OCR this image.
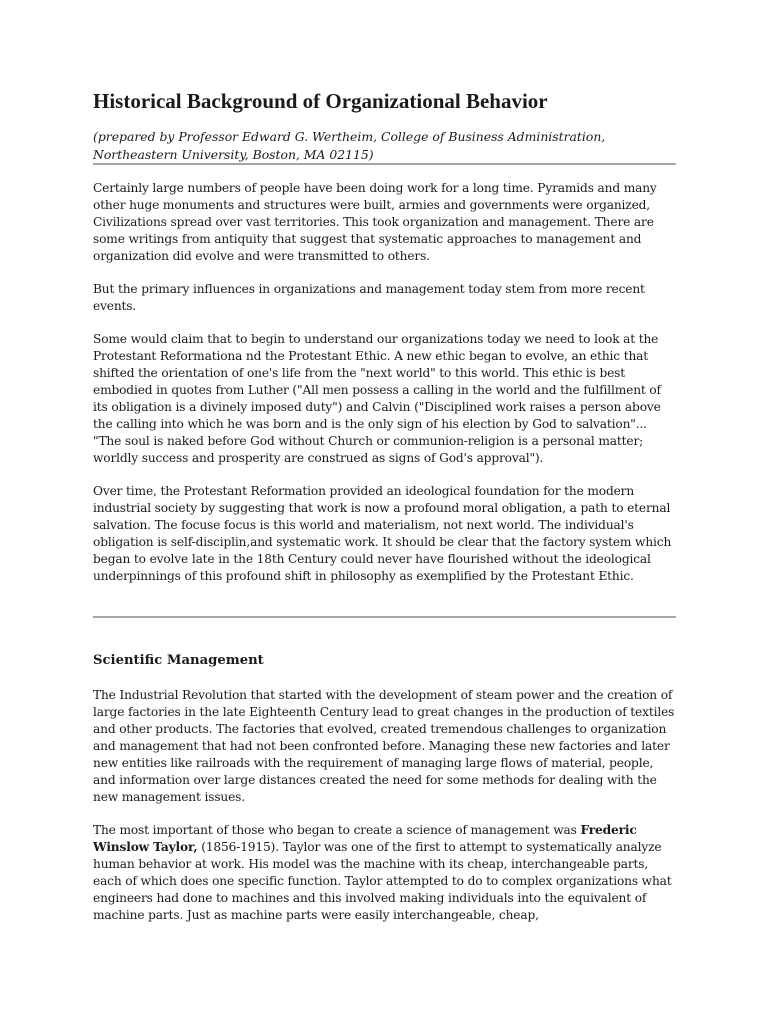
Historical Background of Organizational Behavior

(prepared by Professor Edward G. Wertheim, College of Business Administration,
Northeastern University, Boston, MA 02115)

Certainly large numbers of people have been doing work for a long time. Pyramids and many other huge monuments and structures were built, armies and governments were organized, Civilizations spread over vast territories. This took organization and management. There are some writings from antiquity that suggest that systematic approaches to management and organization did evolve and were transmitted to others.

But the primary influences in organizations and management today stem from more recent events.

Some would claim that to begin to understand our organizations today we need to look at the Protestant Reformationa nd the Protestant Ethic. A new ethic began to evolve, an ethic that shifted the orientation of one's life from the "next world" to this world. This ethic is best embodied in quotes from Luther ("All men possess a calling in the world and the fulfillment of its obligation is a divinely imposed duty") and Calvin ("Disciplined work raises a person above the calling into which he was born and is the only sign of his election by God to salvation"... "The soul is naked before God without Church or communion-religion is a personal matter; worldly success and prosperity are construed as signs of God's approval").

Over time, the Protestant Reformation provided an ideological foundation for the modern industrial society by suggesting that work is now a profound moral obligation, a path to eternal salvation. The focuse focus is this world and materialism, not next world. The individual's obligation is self-disciplin,and systematic work. It should be clear that the factory system which began to evolve late in the 18th Century could never have flourished without the ideological underpinnings of this profound shift in philosophy as exemplified by the Protestant Ethic.

Scientific Management

The Industrial Revolution that started with the development of steam power and the creation of large factories in the late Eighteenth Century lead to great changes in the production of textiles and other products. The factories that evolved, created tremendous challenges to organization and management that had not been confronted before. Managing these new factories and later new entities like railroads with the requirement of managing large flows of material, people, and information over large distances created the need for some methods for dealing with the new management issues.

The most important of those who began to create a science of management was Frederic Winslow Taylor, (1856-1915). Taylor was one of the first to attempt to systematically analyze human behavior at work. His model was the machine with its cheap, interchangeable parts, each of which does one specific function. Taylor attempted to do to complex organizations what engineers had done to machines and this involved making individuals into the equivalent of machine parts. Just as machine parts were easily interchangeable, cheap,
